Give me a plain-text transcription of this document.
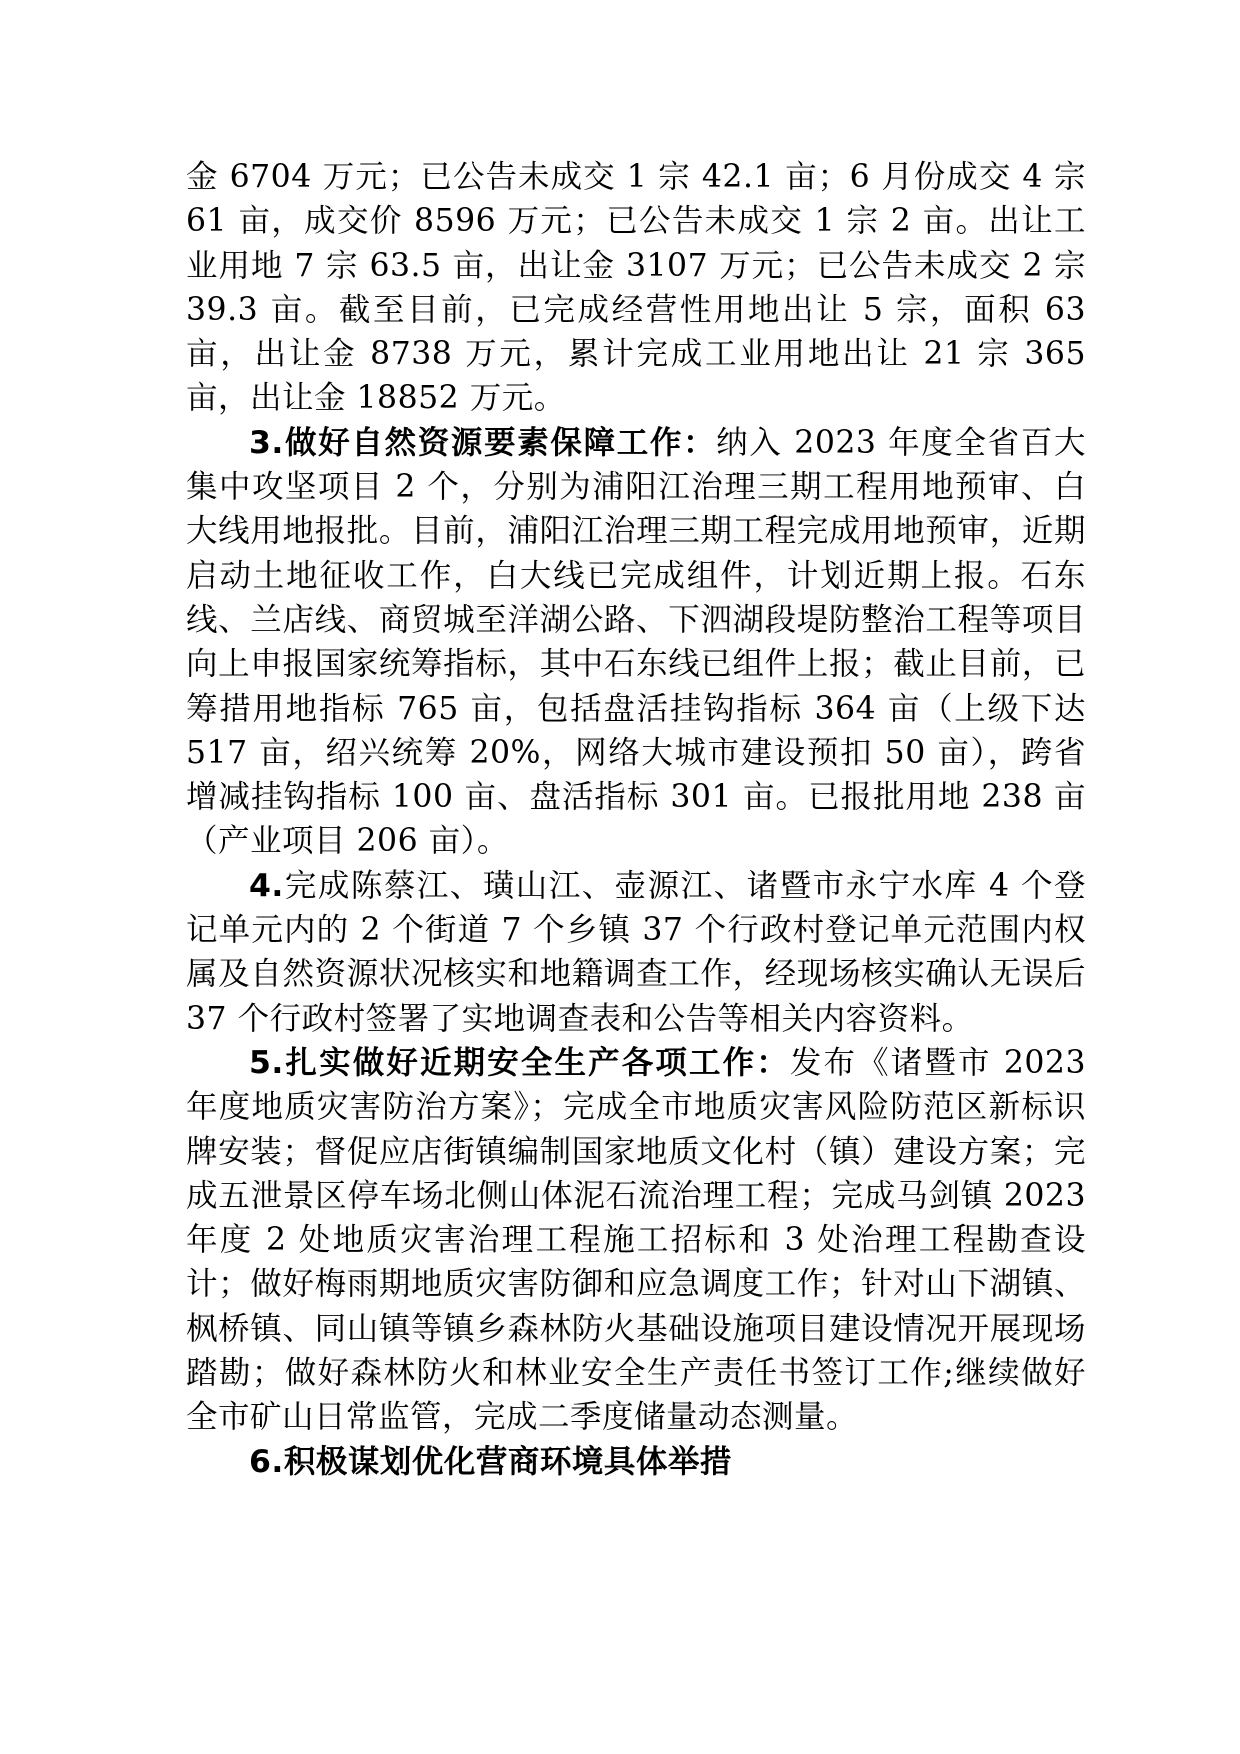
金 6704 万元；已公告未成交 1 宗 42.1 亩；6 月份成交 4 宗 61 亩，成交价 8596 万元；已公告未成交 1 宗 2 亩。出让工业用地 7 宗 63.5 亩，出让金 3107 万元；已公告未成交 2 宗 39.3 亩。截至目前，已完成经营性用地出让 5 宗，面积 63 亩，出让金 8738 万元，累计完成工业用地出让 21 宗 365 亩，出让金 18852 万元。

3.做好自然资源要素保障工作：纳入 2023 年度全省百大集中攻坚项目 2 个，分别为浦阳江治理三期工程用地预审、白大线用地报批。目前，浦阳江治理三期工程完成用地预审，近期启动土地征收工作，白大线已完成组件，计划近期上报。石东线、兰店线、商贸城至洋湖公路、下泗湖段堤防整治工程等项目向上申报国家统筹指标，其中石东线已组件上报；截止目前，已筹措用地指标 765 亩，包括盘活挂钩指标 364 亩（上级下达 517 亩，绍兴统筹 20%，网络大城市建设预扣 50 亩），跨省增减挂钩指标 100 亩、盘活指标 301 亩。已报批用地 238 亩（产业项目 206 亩）。

4.完成陈蔡江、璜山江、壶源江、诸暨市永宁水库 4 个登记单元内的 2 个街道 7 个乡镇 37 个行政村登记单元范围内权属及自然资源状况核实和地籍调查工作，经现场核实确认无误后 37 个行政村签署了实地调查表和公告等相关内容资料。

5.扎实做好近期安全生产各项工作：发布《诸暨市 2023 年度地质灾害防治方案》；完成全市地质灾害风险防范区新标识牌安装；督促应店街镇编制国家地质文化村（镇）建设方案；完成五泄景区停车场北侧山体泥石流治理工程；完成马剑镇 2023 年度 2 处地质灾害治理工程施工招标和 3 处治理工程勘查设计；做好梅雨期地质灾害防御和应急调度工作；针对山下湖镇、枫桥镇、同山镇等镇乡森林防火基础设施项目建设情况开展现场踏勘；做好森林防火和林业安全生产责任书签订工作;继续做好全市矿山日常监管，完成二季度储量动态测量。

6.积极谋划优化营商环境具体举措
